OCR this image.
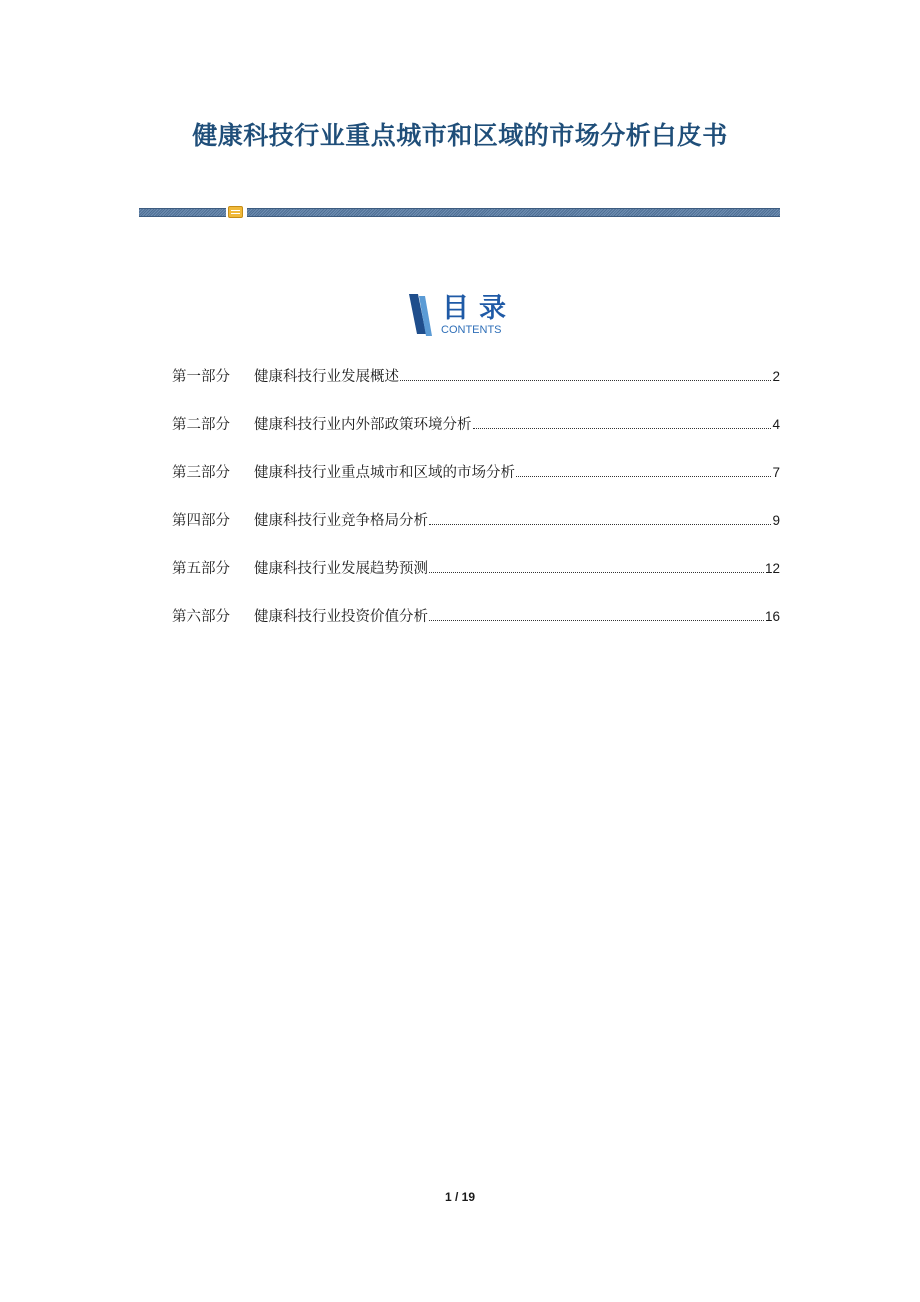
健康科技行业重点城市和区域的市场分析白皮书
目录
CONTENTS
第一部分	健康科技行业发展概述	2
第二部分	健康科技行业内外部政策环境分析	4
第三部分	健康科技行业重点城市和区域的市场分析	7
第四部分	健康科技行业竞争格局分析	9
第五部分	健康科技行业发展趋势预测	12
第六部分	健康科技行业投资价值分析	16
1 / 19
